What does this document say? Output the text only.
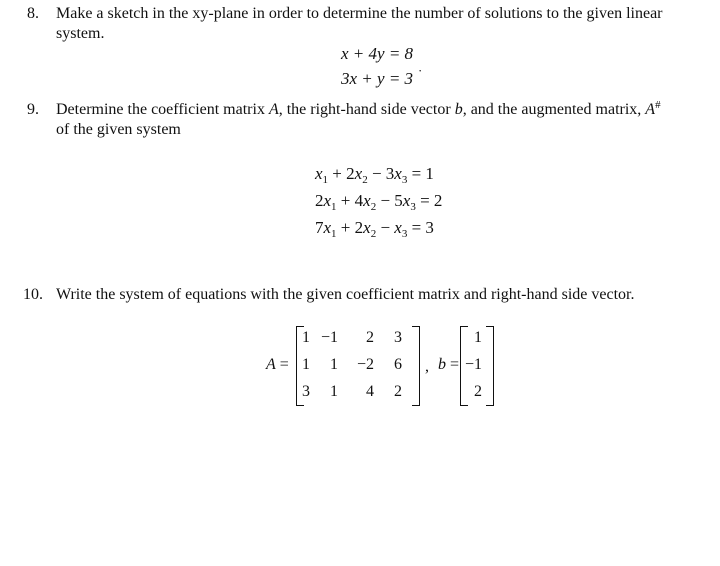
8. Make a sketch in the xy-plane in order to determine the number of solutions to the given linear
system.
x + 4y = 8
3x + y = 3 ·
9. Determine the coefficient matrix A, the right-hand side vector b, and the augmented matrix, A#
of the given system
$x_1 + 2x_2 - 3x_3 = 1$
$2x_1 + 4x_2 - 5x_3 = 2$
$7x_1 + 2x_2 - x_3 = 3$
10. Write the system of equations with the given coefficient matrix and right-hand side vector.
A =
1 −1	2	3
1	1	−2	6
3	1	4	2
, b =
1
−1
2
